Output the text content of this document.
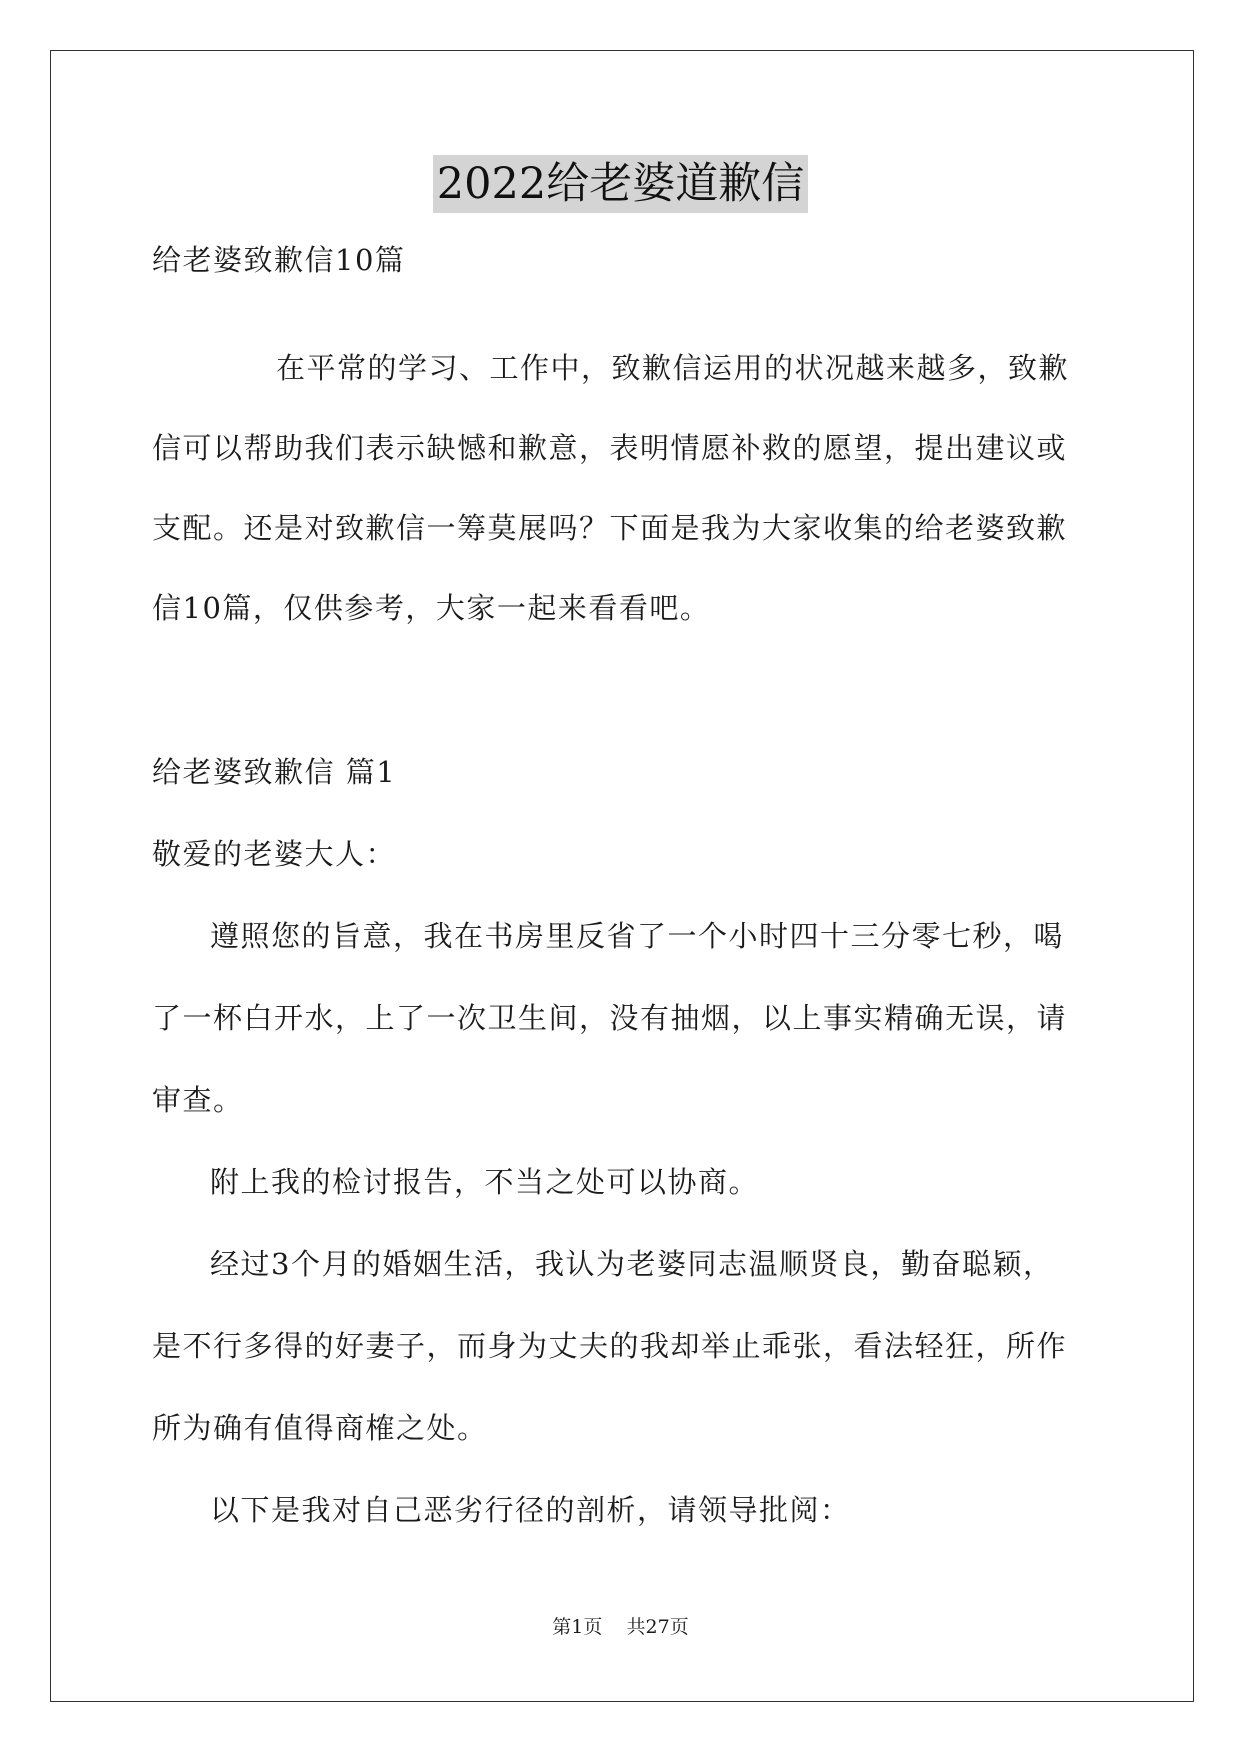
2022给老婆道歉信
给老婆致歉信10篇
在平常的学习、工作中，致歉信运用的状况越来越多，致歉
信可以帮助我们表示缺憾和歉意，表明情愿补救的愿望，提出建议或
支配。还是对致歉信一筹莫展吗？下面是我为大家收集的给老婆致歉
信10篇，仅供参考，大家一起来看看吧。
给老婆致歉信 篇1
敬爱的老婆大人：
遵照您的旨意，我在书房里反省了一个小时四十三分零七秒，喝
了一杯白开水，上了一次卫生间，没有抽烟，以上事实精确无误，请
审查。
附上我的检讨报告，不当之处可以协商。
经过3个月的婚姻生活，我认为老婆同志温顺贤良，勤奋聪颖，
是不行多得的好妻子，而身为丈夫的我却举止乖张，看法轻狂，所作
所为确有值得商榷之处。
以下是我对自己恶劣行径的剖析，请领导批阅：
第1页    共27页
